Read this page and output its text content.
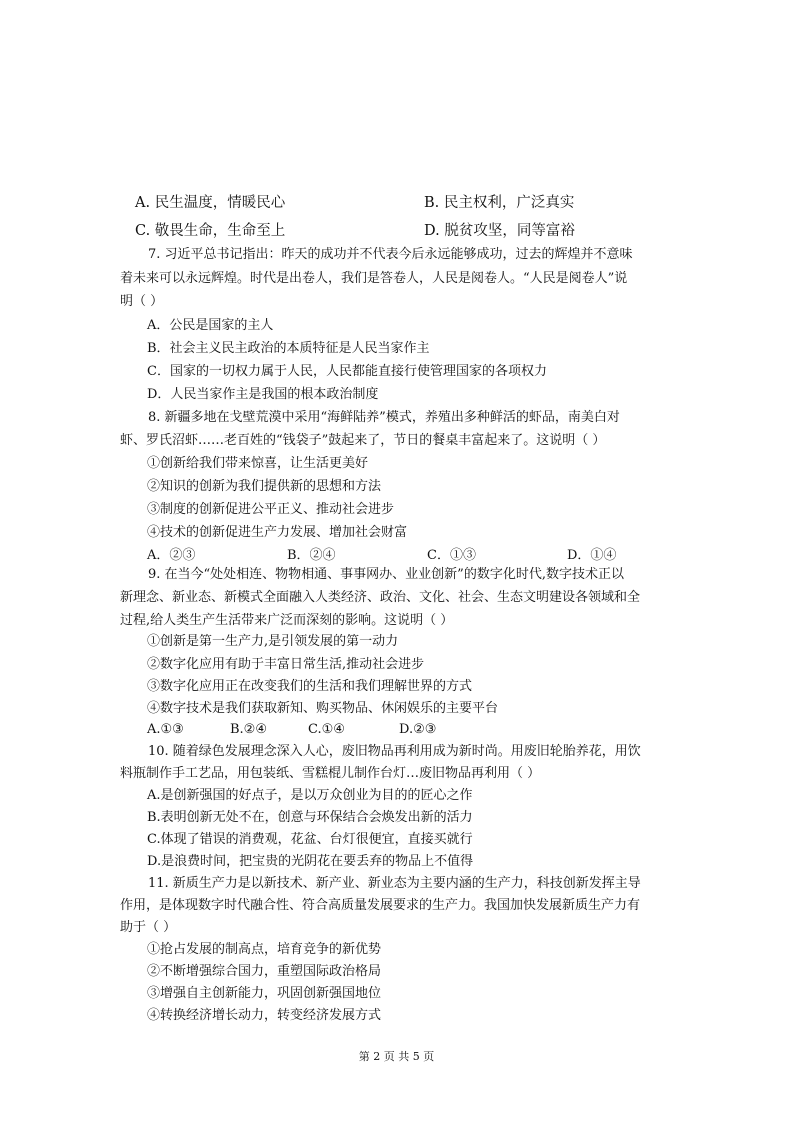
A. 民生温度，情暖民心	B. 民主权利，广泛真实
C. 敬畏生命，生命至上	D. 脱贫攻坚，同等富裕
7. 习近平总书记指出：昨天的成功并不代表今后永远能够成功，过去的辉煌并不意味
着未来可以永远辉煌。时代是出卷人，我们是答卷人，人民是阅卷人。“人民是阅卷人”说
明（ ）
A．公民是国家的主人
B．社会主义民主政治的本质特征是人民当家作主
C．国家的一切权力属于人民，人民都能直接行使管理国家的各项权力
D．人民当家作主是我国的根本政治制度
8. 新疆多地在戈壁荒漠中采用“海鲜陆养”模式，养殖出多种鲜活的虾品，南美白对
虾、罗氏沼虾……老百姓的“钱袋子”鼓起来了，节日的餐桌丰富起来了。这说明（ ）
①创新给我们带来惊喜，让生活更美好
②知识的创新为我们提供新的思想和方法
③制度的创新促进公平正义、推动社会进步
④技术的创新促进生产力发展、增加社会财富
A．②③	B．②④	C．①③	D．①④
9. 在当今“处处相连、物物相通、事事网办、业业创新”的数字化时代,数字技术正以
新理念、新业态、新模式全面融入人类经济、政治、文化、社会、生态文明建设各领域和全
过程,给人类生产生活带来广泛而深刻的影响。这说明（ ）
①创新是第一生产力,是引领发展的第一动力
②数字化应用有助于丰富日常生活,推动社会进步
③数字化应用正在改变我们的生活和我们理解世界的方式
④数字技术是我们获取新知、购买物品、休闲娱乐的主要平台
A.①③	B.②④	C.①④	D.②③
10. 随着绿色发展理念深入人心，废旧物品再利用成为新时尚。用废旧轮胎养花，用饮
料瓶制作手工艺品，用包装纸、雪糕棍儿制作台灯…废旧物品再利用（ ）
A.是创新强国的好点子，是以万众创业为目的的匠心之作
B.表明创新无处不在，创意与环保结合会焕发出新的活力
C.体现了错误的消费观，花盆、台灯很便宜，直接买就行
D.是浪费时间，把宝贵的光阴花在要丢弃的物品上不值得
11. 新质生产力是以新技术、新产业、新业态为主要内涵的生产力，科技创新发挥主导
作用，是体现数字时代融合性、符合高质量发展要求的生产力。我国加快发展新质生产力有
助于（ ）
①抢占发展的制高点，培育竞争的新优势
②不断增强综合国力，重塑国际政治格局
③增强自主创新能力，巩固创新强国地位
④转换经济增长动力，转变经济发展方式
第 2 页 共 5 页
